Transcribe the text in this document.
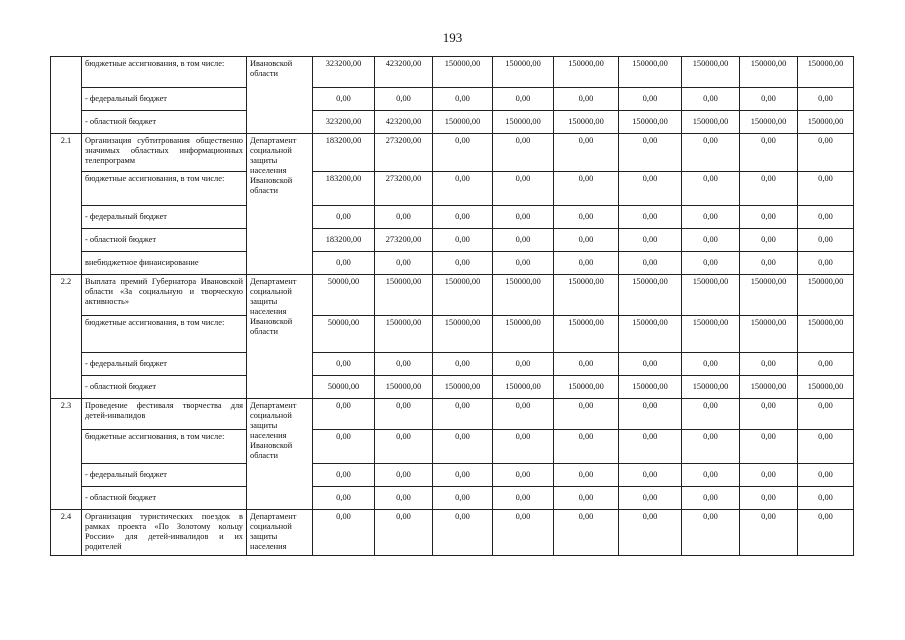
193
	бюджетные ассигнования, в том числе:	Ивановской области	323200,00	423200,00	150000,00	150000,00	150000,00	150000,00	150000,00	150000,00	150000,00
	- федеральный бюджет		0,00	0,00	0,00	0,00	0,00	0,00	0,00	0,00	0,00
	- областной бюджет		323200,00	423200,00	150000,00	150000,00	150000,00	150000,00	150000,00	150000,00	150000,00
2.1	Организация субтитрования общественно значимых областных информационных телепрограмм	Департамент социальной защиты населения Ивановской области	183200,00	273200,00	0,00	0,00	0,00	0,00	0,00	0,00	0,00
	бюджетные ассигнования, в том числе:		183200,00	273200,00	0,00	0,00	0,00	0,00	0,00	0,00	0,00
	- федеральный бюджет		0,00	0,00	0,00	0,00	0,00	0,00	0,00	0,00	0,00
	- областной бюджет		183200,00	273200,00	0,00	0,00	0,00	0,00	0,00	0,00	0,00
	внебюджетное финансирование		0,00	0,00	0,00	0,00	0,00	0,00	0,00	0,00	0,00
2.2	Выплата премий Губернатора Ивановской области «За социальную и творческую активность»	Департамент социальной защиты населения Ивановской области	50000,00	150000,00	150000,00	150000,00	150000,00	150000,00	150000,00	150000,00	150000,00
	бюджетные ассигнования, в том числе:		50000,00	150000,00	150000,00	150000,00	150000,00	150000,00	150000,00	150000,00	150000,00
	- федеральный бюджет		0,00	0,00	0,00	0,00	0,00	0,00	0,00	0,00	0,00
	- областной бюджет		50000,00	150000,00	150000,00	150000,00	150000,00	150000,00	150000,00	150000,00	150000,00
2.3	Проведение фестиваля творчества для детей-инвалидов	Департамент социальной защиты населения Ивановской области	0,00	0,00	0,00	0,00	0,00	0,00	0,00	0,00	0,00
	бюджетные ассигнования, в том числе:		0,00	0,00	0,00	0,00	0,00	0,00	0,00	0,00	0,00
	- федеральный бюджет		0,00	0,00	0,00	0,00	0,00	0,00	0,00	0,00	0,00
	- областной бюджет		0,00	0,00	0,00	0,00	0,00	0,00	0,00	0,00	0,00
2.4	Организация туристических поездок в рамках проекта «По Золотому кольцу России» для детей-инвалидов и их родителей	Департамент социальной защиты населения	0,00	0,00	0,00	0,00	0,00	0,00	0,00	0,00	0,00
